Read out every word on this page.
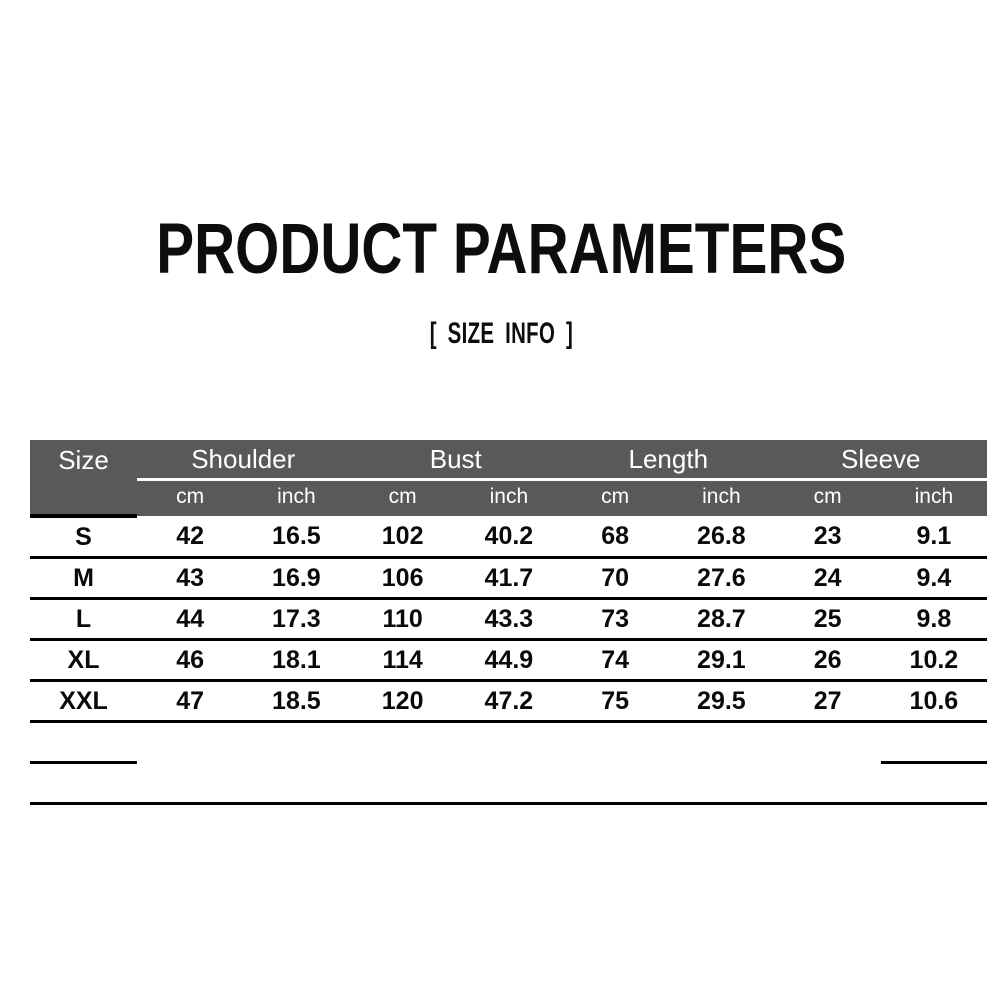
PRODUCT PARAMETERS
[ SIZE INFO ]
Size	Shoulder		Bust		Length		Sleeve	
	cm	inch	cm	inch	cm	inch	cm	inch
S	42	16.5	102	40.2	68	26.8	23	9.1
M	43	16.9	106	41.7	70	27.6	24	9.4
L	44	17.3	110	43.3	73	28.7	25	9.8
XL	46	18.1	114	44.9	74	29.1	26	10.2
XXL	47	18.5	120	47.2	75	29.5	27	10.6
